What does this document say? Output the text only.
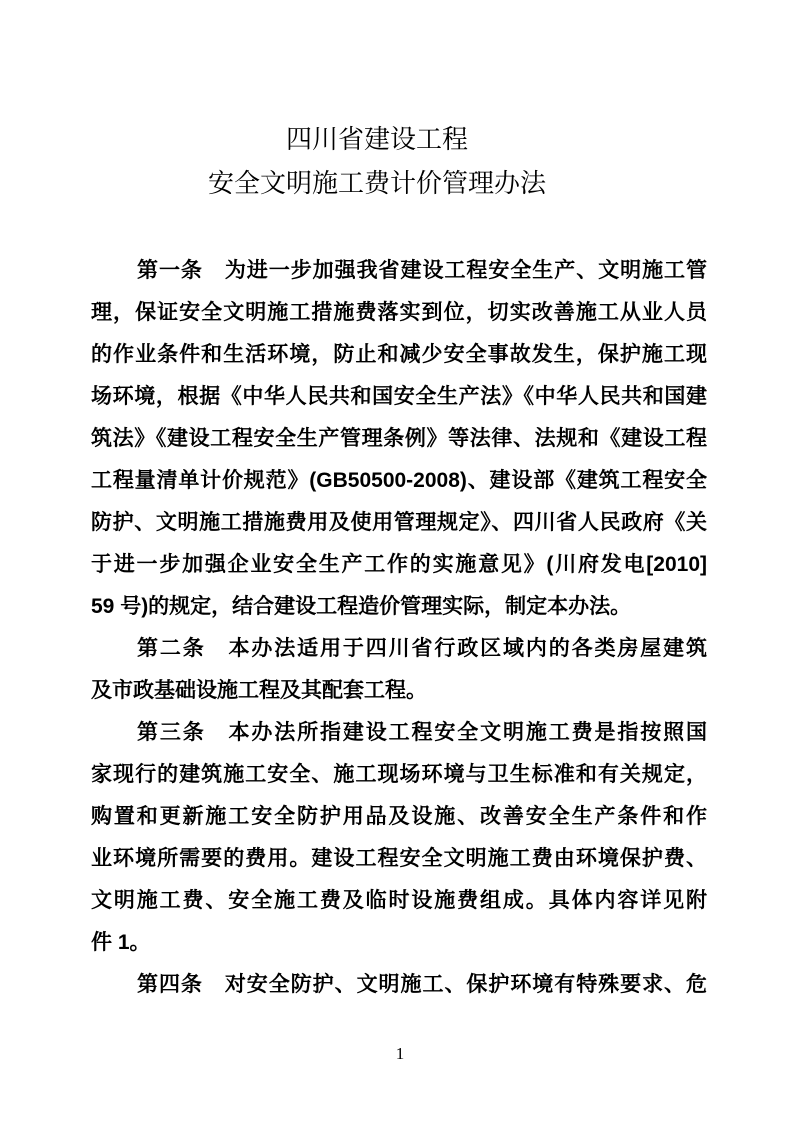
四川省建设工程
安全文明施工费计价管理办法
第一条　为进一步加强我省建设工程安全生产、文明施工管
理，保证安全文明施工措施费落实到位，切实改善施工从业人员
的作业条件和生活环境，防止和减少安全事故发生，保护施工现
场环境，根据《中华人民共和国安全生产法》《中华人民共和国建
筑法》《建设工程安全生产管理条例》等法律、法规和《建设工程
工程量清单计价规范》(GB50500-2008)、建设部《建筑工程安全
防护、文明施工措施费用及使用管理规定》、四川省人民政府《关
于进一步加强企业安全生产工作的实施意见》(川府发电[2010]
59 号)的规定，结合建设工程造价管理实际，制定本办法。
第二条　本办法适用于四川省行政区域内的各类房屋建筑
及市政基础设施工程及其配套工程。
第三条　本办法所指建设工程安全文明施工费是指按照国
家现行的建筑施工安全、施工现场环境与卫生标准和有关规定，
购置和更新施工安全防护用品及设施、改善安全生产条件和作
业环境所需要的费用。建设工程安全文明施工费由环境保护费、
文明施工费、安全施工费及临时设施费组成。具体内容详见附
件 1。
第四条　对安全防护、文明施工、保护环境有特殊要求、危
1
